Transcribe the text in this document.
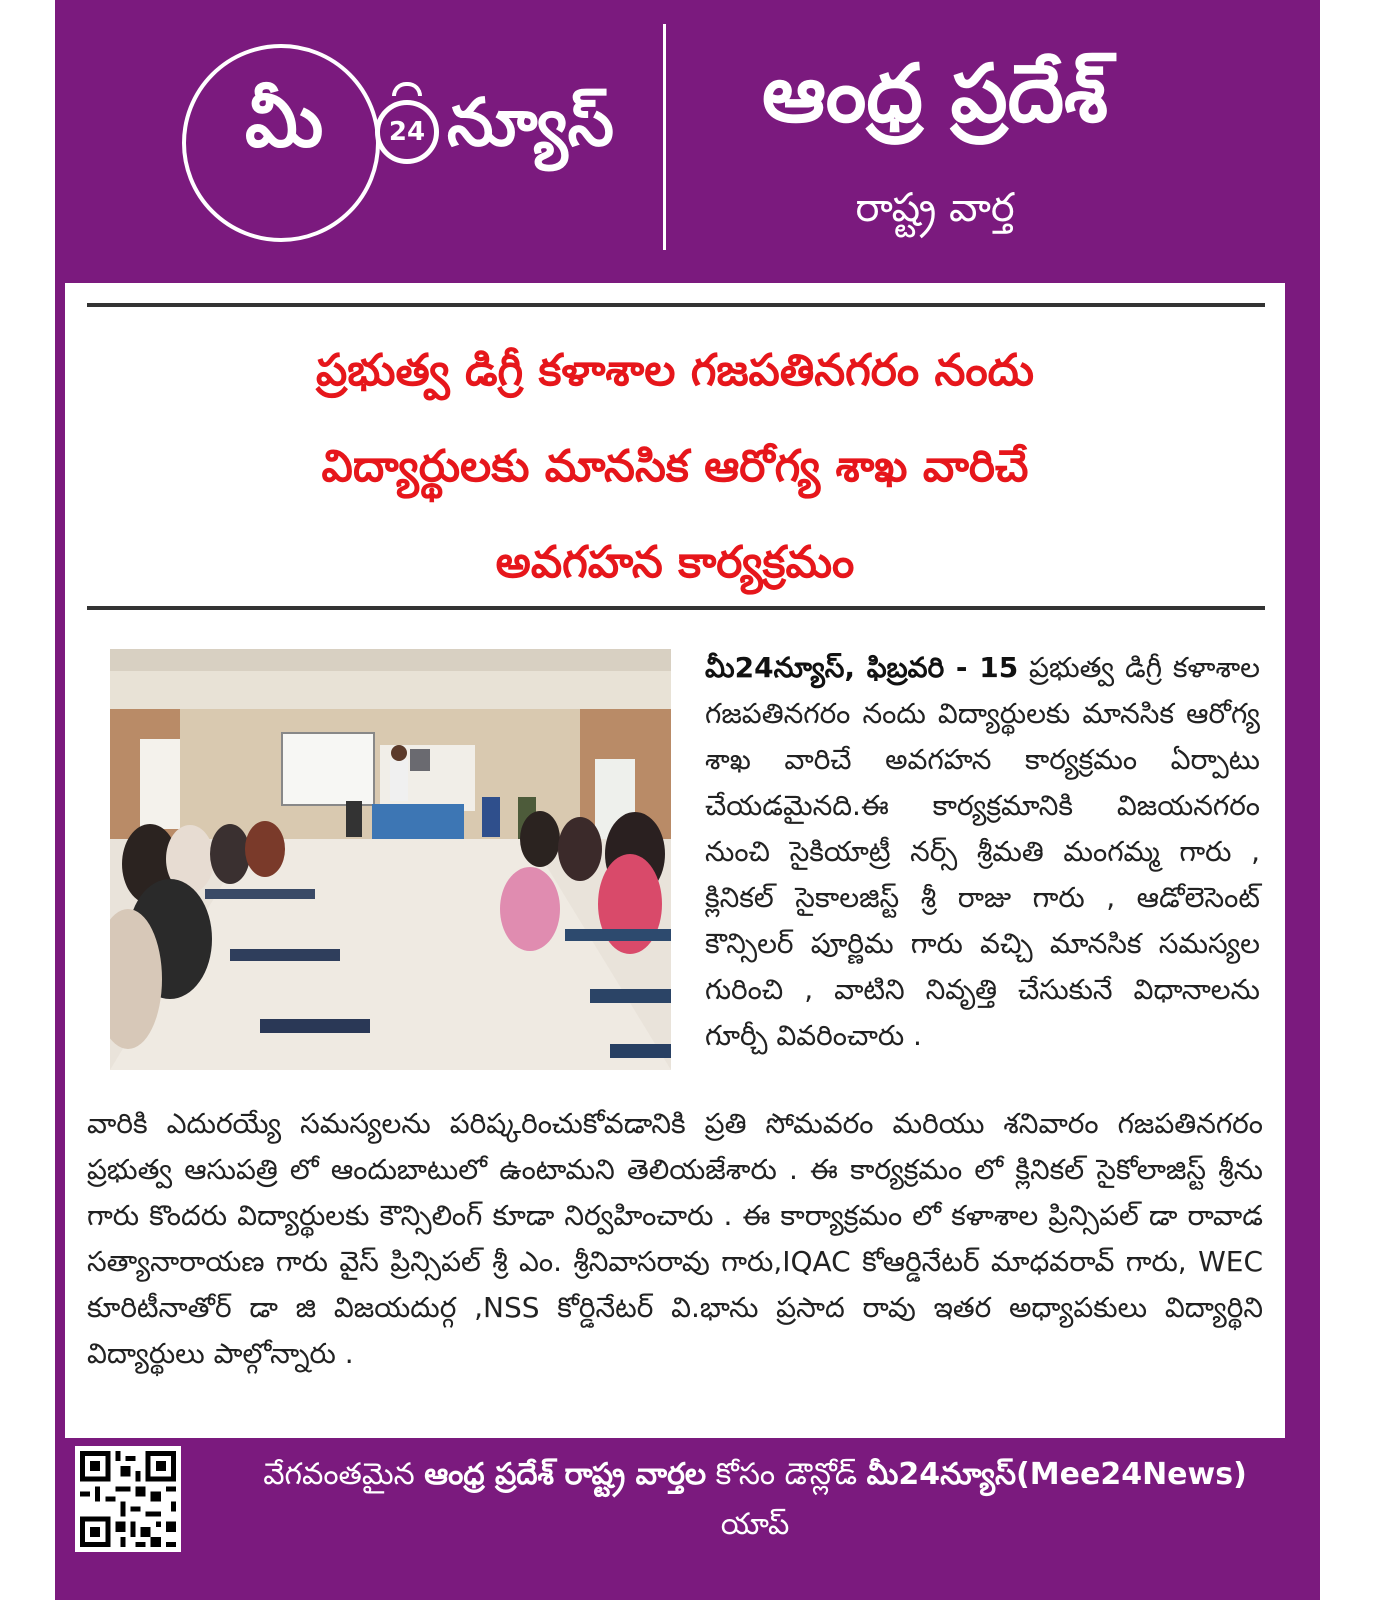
మీ	24 న్యూస్	ఆంధ్ర ప్రదేశ్
రాష్ట్ర వార్త
ప్రభుత్వ డిగ్రీ కళాశాల గజపతినగరం నందు
విద్యార్థులకు మానసిక ఆరోగ్య శాఖ వారిచే
అవగహన కార్యక్రమం
మీ24న్యూస్, ఫిబ్రవరి - 15 ప్రభుత్వ డిగ్రీ కళాశాల గజపతినగరం నందు విద్యార్థులకు మానసిక ఆరోగ్య శాఖ వారిచే అవగహన కార్యక్రమం ఏర్పాటు చేయడమైనది.ఈ కార్యక్రమానికి విజయనగరం నుంచి సైకియాట్రీ నర్స్ శ్రీమతి మంగమ్మ గారు , క్లినికల్ సైకాలజిస్ట్ శ్రీ రాజు గారు , ఆడోలెసెంట్ కౌన్సిలర్ పూర్ణిమ గారు వచ్చి మానసిక సమస్యల గురించి , వాటిని నివృత్తి చేసుకునే విధానాలను గూర్చీ వివరించారు .
వారికి ఎదురయ్యే సమస్యలను పరిష్కరించుకోవడానికి ప్రతి సోమవరం మరియు శనివారం గజపతినగరం ప్రభుత్వ ఆసుపత్రి లో ఆందుబాటులో ఉంటామని తెలియజేశారు . ఈ కార్యక్రమం లో క్లినికల్ సైకోలాజిస్ట్ శ్రీను గారు కొందరు విద్యార్థులకు కౌన్సిలింగ్ కూడా నిర్వహించారు . ఈ కార్యాక్రమం లో కళాశాల ప్రిన్సిపల్ డా రావాడ సత్యానారాయణ గారు వైస్ ప్రిన్సిపల్ శ్రీ ఎం. శ్రీనివాసరావు గారు,IQAC కోఆర్డినేటర్ మాధవరావ్ గారు, WEC కూరిటీనాతోర్ డా జి విజయదుర్గ ,NSS కోర్డినేటర్ వి.భాను ప్రసాద రావు ఇతర అధ్యాపకులు విద్యార్థిని విద్యార్థులు పాల్గోన్నారు .
వేగవంతమైన ఆంధ్ర ప్రదేశ్ రాష్ట్ర వార్తల కోసం డౌన్లోడ్ మీ24న్యూస్(Mee24News)
యాప్
